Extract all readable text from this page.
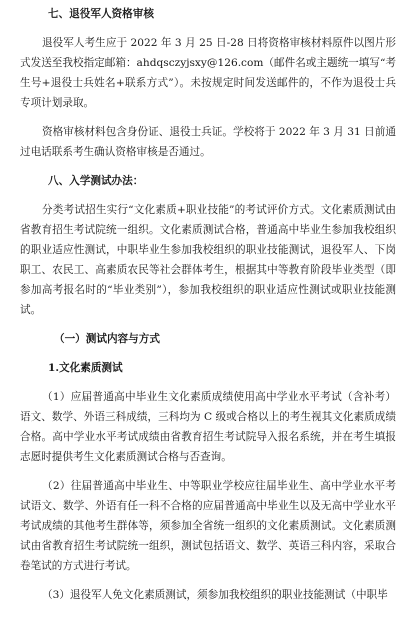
七、退役军人资格审核

退役军人考生应于 2022 年 3 月 25 日-28 日将资格审核材料原件以图片形式发送至我校指定邮箱：ahdqsczyjsxy@126.com（邮件名或主题统一填写“考生号+退役士兵姓名+联系方式”）。未按规定时间发送邮件的，不作为退役士兵专项计划录取。

资格审核材料包含身份证、退役士兵证。学校将于 2022 年 3 月 31 日前通过电话联系考生确认资格审核是否通过。

八、入学测试办法：

分类考试招生实行“文化素质+职业技能”的考试评价方式。文化素质测试由省教育招生考试院统一组织。文化素质测试合格，普通高中毕业生参加我校组织的职业适应性测试，中职毕业生参加我校组织的职业技能测试，退役军人、下岗职工、农民工、高素质农民等社会群体考生，根据其中等教育阶段毕业类型（即参加高考报名时的“毕业类别”），参加我校组织的职业适应性测试或职业技能测试。

（一）测试内容与方式

1.文化素质测试

（1）应届普通高中毕业生文化素质成绩使用高中学业水平考试（含补考）语文、数学、外语三科成绩，三科均为 C 级或合格以上的考生视其文化素质成绩合格。高中学业水平考试成绩由省教育招生考试院导入报名系统，并在考生填报志愿时提供考生文化素质测试合格与否查询。

（2）往届普通高中毕业生、中等职业学校应往届毕业生、高中学业水平考试语文、数学、外语有任一科不合格的应届普通高中毕业生以及无高中学业水平考试成绩的其他考生群体等，须参加全省统一组织的文化素质测试。文化素质测试由省教育招生考试院统一组织，测试包括语文、数学、英语三科内容，采取合卷笔试的方式进行考试。

（3）退役军人免文化素质测试，须参加我校组织的职业技能测试（中职毕
